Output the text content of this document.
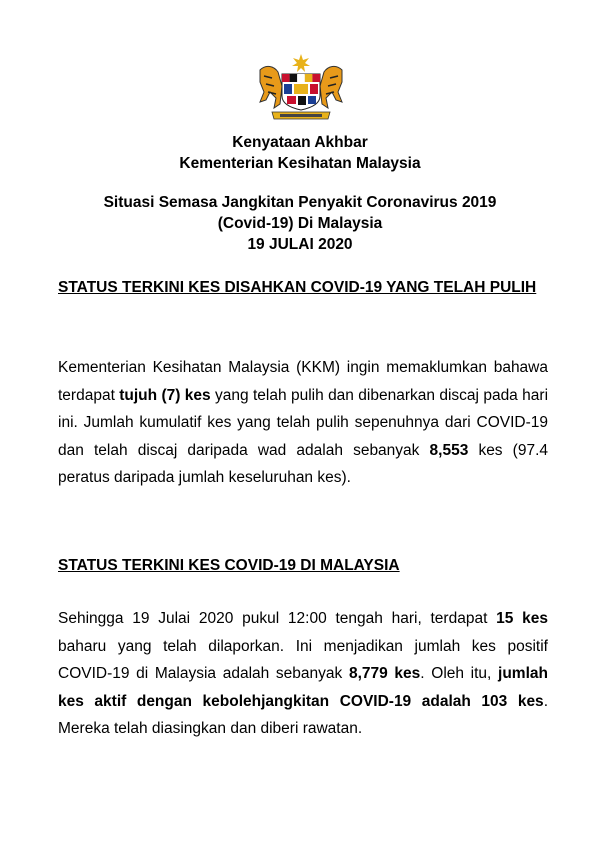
Kenyataan Akhbar
Kementerian Kesihatan Malaysia
Situasi Semasa Jangkitan Penyakit Coronavirus 2019
(Covid-19) Di Malaysia
19 JULAI 2020
STATUS TERKINI KES DISAHKAN COVID-19 YANG TELAH PULIH
Kementerian Kesihatan Malaysia (KKM) ingin memaklumkan bahawa terdapat tujuh (7) kes yang telah pulih dan dibenarkan discaj pada hari ini. Jumlah kumulatif kes yang telah pulih sepenuhnya dari COVID-19 dan telah discaj daripada wad adalah sebanyak 8,553 kes (97.4 peratus daripada jumlah keseluruhan kes).
STATUS TERKINI KES COVID-19 DI MALAYSIA
Sehingga 19 Julai 2020 pukul 12:00 tengah hari, terdapat 15 kes baharu yang telah dilaporkan. Ini menjadikan jumlah kes positif COVID-19 di Malaysia adalah sebanyak 8,779 kes. Oleh itu, jumlah kes aktif dengan kebolehjangkitan COVID-19 adalah 103 kes. Mereka telah diasingkan dan diberi rawatan.
